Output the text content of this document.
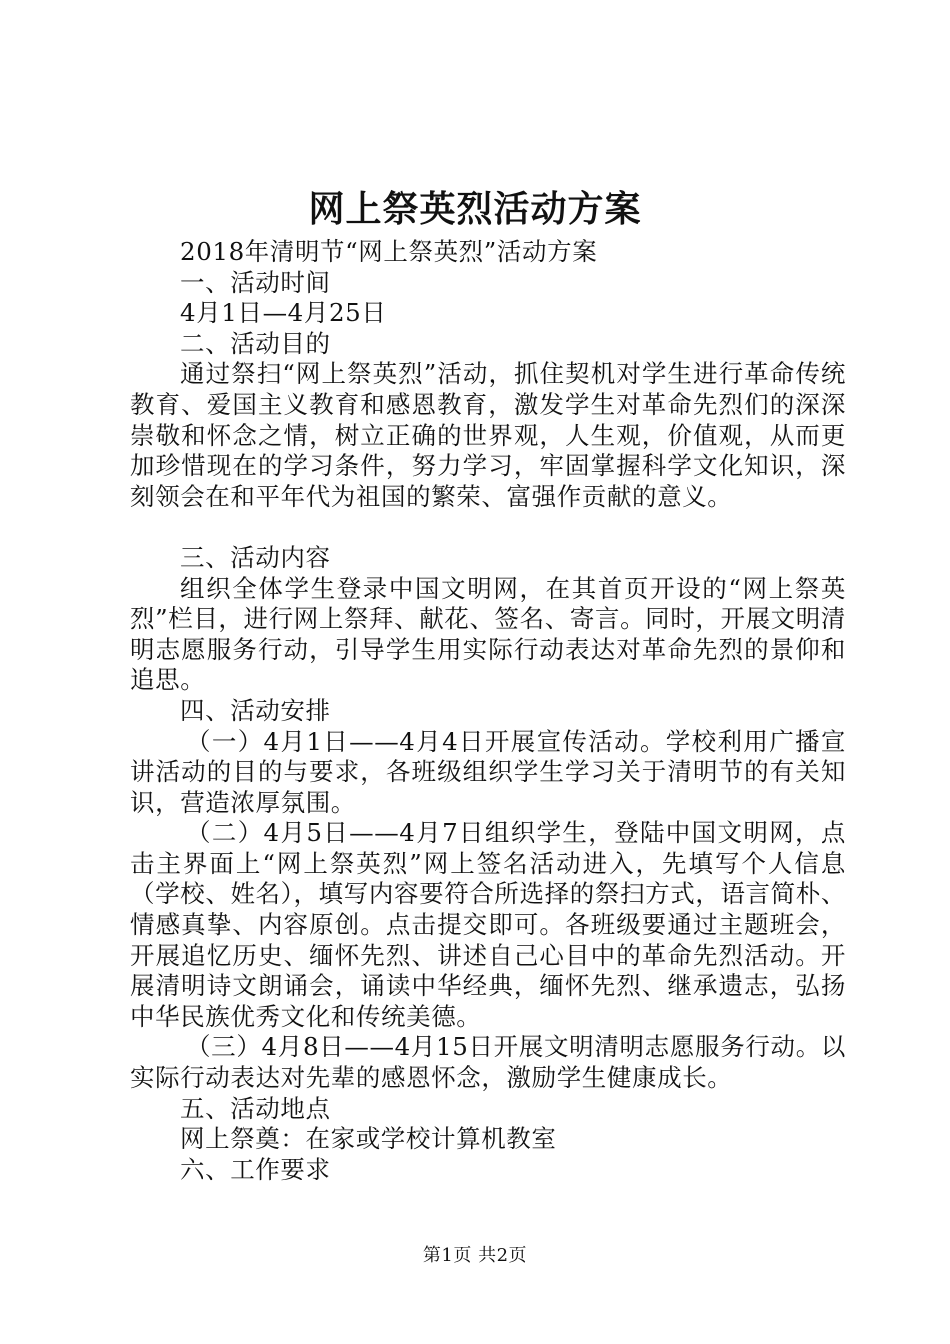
网上祭英烈活动方案
2018年清明节“网上祭英烈”活动方案
一、活动时间
4月1日—4月25日
二、活动目的

通过祭扫“网上祭英烈”活动，抓住契机对学生进行革命传统教育、爱国主义教育和感恩教育，激发学生对革命先烈们的深深崇敬和怀念之情，树立正确的世界观，人生观，价值观，从而更加珍惜现在的学习条件，努力学习，牢固掌握科学文化知识，深刻领会在和平年代为祖国的繁荣、富强作贡献的意义。

三、活动内容

组织全体学生登录中国文明网，在其首页开设的“网上祭英烈”栏目，进行网上祭拜、献花、签名、寄言。同时，开展文明清明志愿服务行动，引导学生用实际行动表达对革命先烈的景仰和追思。

四、活动安排

（一）4月1日——4月4日开展宣传活动。学校利用广播宣讲活动的目的与要求，各班级组织学生学习关于清明节的有关知识，营造浓厚氛围。

（二）4月5日——4月7日组织学生，登陆中国文明网，点击主界面上“网上祭英烈”网上签名活动进入，先填写个人信息（学校、姓名），填写内容要符合所选择的祭扫方式，语言简朴、情感真挚、内容原创。点击提交即可。各班级要通过主题班会，开展追忆历史、缅怀先烈、讲述自己心目中的革命先烈活动。开展清明诗文朗诵会，诵读中华经典，缅怀先烈、继承遗志，弘扬中华民族优秀文化和传统美德。

（三）4月8日——4月15日开展文明清明志愿服务行动。以实际行动表达对先辈的感恩怀念，激励学生健康成长。

五、活动地点
网上祭奠：在家或学校计算机教室
六、工作要求
第1页 共2页
